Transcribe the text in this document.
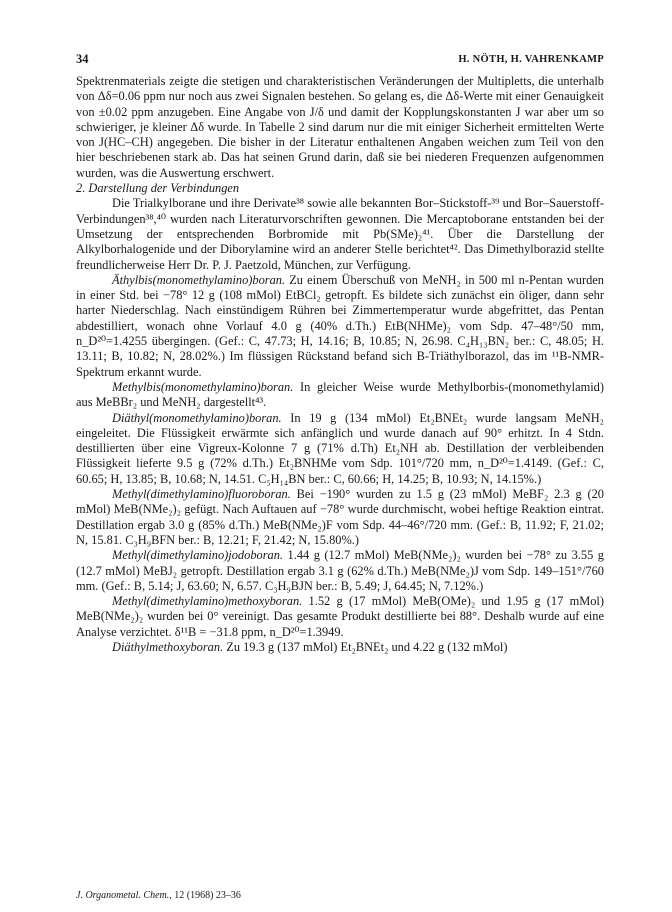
34	H. NÖTH, H. VAHRENKAMP

Spektrenmaterials zeigte die stetigen und charakteristischen Veränderungen der Multipletts, die unterhalb von Δδ=0.06 ppm nur noch aus zwei Signalen bestehen. So gelang es, die Δδ-Werte mit einer Genauigkeit von ±0.02 ppm anzugeben. Eine Angabe von J/δ und damit der Kopplungskonstanten J war aber um so schwieriger, je kleiner Δδ wurde. In Tabelle 2 sind darum nur die mit einiger Sicherheit ermittelten Werte von J(HC–CH) angegeben. Die bisher in der Literatur enthaltenen Angaben weichen zum Teil von den hier beschriebenen stark ab. Das hat seinen Grund darin, daß sie bei niederen Frequenzen aufgenommen wurden, was die Auswertung erschwert.

2. Darstellung der Verbindungen

Die Trialkylborane und ihre Derivate³⁸ sowie alle bekannten Bor–Stickstoff-³⁹ und Bor–Sauerstoff-Verbindungen³⁸,⁴⁰ wurden nach Literaturvorschriften gewonnen. Die Mercaptoborane entstanden bei der Umsetzung der entsprechenden Borbromide mit Pb(SMe)₂⁴¹. Über die Darstellung der Alkylborhalogenide und der Diborylamine wird an anderer Stelle berichtet⁴². Das Dimethylborazid stellte freundlicherweise Herr Dr. P. J. Paetzold, München, zur Verfügung.

Äthylbis(monomethylamino)boran. Zu einem Überschuß von MeNH₂ in 500 ml n-Pentan wurden in einer Std. bei −78° 12 g (108 mMol) EtBCl₂ getropft. Es bildete sich zunächst ein öliger, dann sehr harter Niederschlag. Nach einstündigem Rühren bei Zimmertemperatur wurde abgefrittet, das Pentan abdestilliert, wonach ohne Vorlauf 4.0 g (40% d.Th.) EtB(NHMe)₂ vom Sdp. 47–48°/50 mm, n_D²⁰=1.4255 übergingen. (Gef.: C, 47.73; H, 14.16; B, 10.85; N, 26.98. C₄H₁₃BN₂ ber.: C, 48.05; H. 13.11; B, 10.82; N, 28.02%.) Im flüssigen Rückstand befand sich B-Triäthylborazol, das im ¹¹B-NMR-Spektrum erkannt wurde.

Methylbis(monomethylamino)boran. In gleicher Weise wurde Methylborbis-(monomethylamid) aus MeBBr₂ und MeNH₂ dargestellt⁴³.

Diäthyl(monomethylamino)boran. In 19 g (134 mMol) Et₂BNEt₂ wurde langsam MeNH₂ eingeleitet. Die Flüssigkeit erwärmte sich anfänglich und wurde danach auf 90° erhitzt. In 4 Stdn. destillierten über eine Vigreux-Kolonne 7 g (71% d.Th) Et₂NH ab. Destillation der verbleibenden Flüssigkeit lieferte 9.5 g (72% d.Th.) Et₂BNHMe vom Sdp. 101°/720 mm, n_D²⁰=1.4149. (Gef.: C, 60.65; H, 13.85; B, 10.68; N, 14.51. C₅H₁₄BN ber.: C, 60.66; H, 14.25; B, 10.93; N, 14.15%.)

Methyl(dimethylamino)fluoroboran. Bei −190° wurden zu 1.5 g (23 mMol) MeBF₂ 2.3 g (20 mMol) MeB(NMe₂)₂ gefügt. Nach Auftauen auf −78° wurde durchmischt, wobei heftige Reaktion eintrat. Destillation ergab 3.0 g (85% d.Th.) MeB(NMe₂)F vom Sdp. 44–46°/720 mm. (Gef.: B, 11.92; F, 21.02; N, 15.81. C₃H₉BFN ber.: B, 12.21; F, 21.42; N, 15.80%.)

Methyl(dimethylamino)jodoboran. 1.44 g (12.7 mMol) MeB(NMe₂)₂ wurden bei −78° zu 3.55 g (12.7 mMol) MeBJ₂ getropft. Destillation ergab 3.1 g (62% d.Th.) MeB(NMe₂)J vom Sdp. 149–151°/760 mm. (Gef.: B, 5.14; J, 63.60; N, 6.57. C₃H₉BJN ber.: B, 5.49; J, 64.45; N, 7.12%.)

Methyl(dimethylamino)methoxyboran. 1.52 g (17 mMol) MeB(OMe)₂ und 1.95 g (17 mMol) MeB(NMe₂)₂ wurden bei 0° vereinigt. Das gesamte Produkt destillierte bei 88°. Deshalb wurde auf eine Analyse verzichtet. δ¹¹B = −31.8 ppm, n_D²⁰=1.3949.

Diäthylmethoxyboran. Zu 19.3 g (137 mMol) Et₂BNEt₂ und 4.22 g (132 mMol)

J. Organometal. Chem., 12 (1968) 23–36
